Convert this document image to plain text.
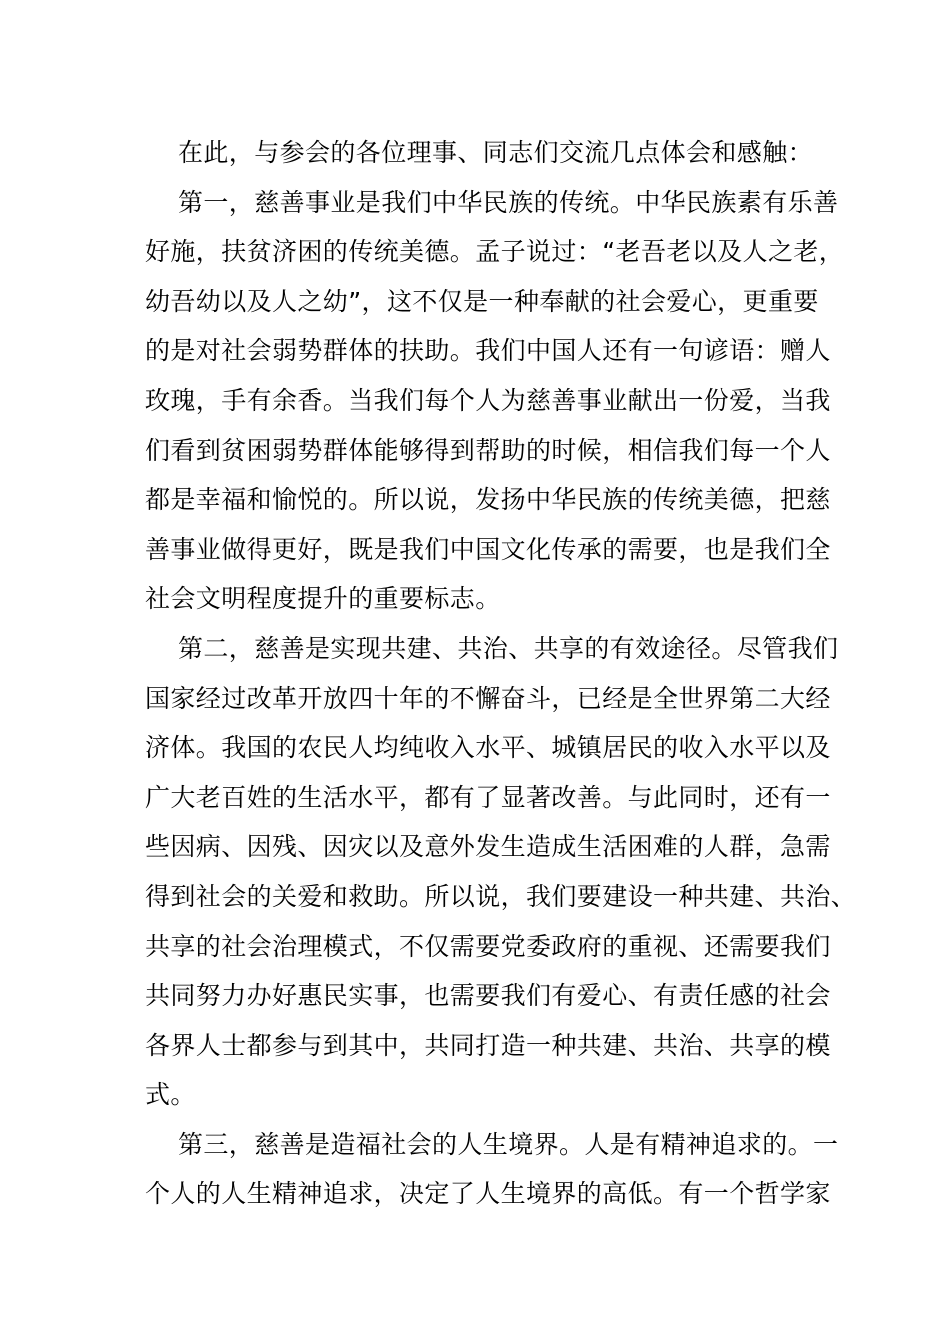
在此，与参会的各位理事、同志们交流几点体会和感触：
第一，慈善事业是我们中华民族的传统。中华民族素有乐善
好施，扶贫济困的传统美德。孟子说过：“老吾老以及人之老，
幼吾幼以及人之幼”，这不仅是一种奉献的社会爱心，更重要
的是对社会弱势群体的扶助。我们中国人还有一句谚语：赠人
玫瑰，手有余香。当我们每个人为慈善事业献出一份爱，当我
们看到贫困弱势群体能够得到帮助的时候，相信我们每一个人
都是幸福和愉悦的。所以说，发扬中华民族的传统美德，把慈
善事业做得更好，既是我们中国文化传承的需要，也是我们全
社会文明程度提升的重要标志。
第二，慈善是实现共建、共治、共享的有效途径。尽管我们
国家经过改革开放四十年的不懈奋斗，已经是全世界第二大经
济体。我国的农民人均纯收入水平、城镇居民的收入水平以及
广大老百姓的生活水平，都有了显著改善。与此同时，还有一
些因病、因残、因灾以及意外发生造成生活困难的人群，急需
得到社会的关爱和救助。所以说，我们要建设一种共建、共治、
共享的社会治理模式，不仅需要党委政府的重视、还需要我们
共同努力办好惠民实事，也需要我们有爱心、有责任感的社会
各界人士都参与到其中，共同打造一种共建、共治、共享的模
式。
第三，慈善是造福社会的人生境界。人是有精神追求的。一
个人的人生精神追求，决定了人生境界的高低。有一个哲学家
